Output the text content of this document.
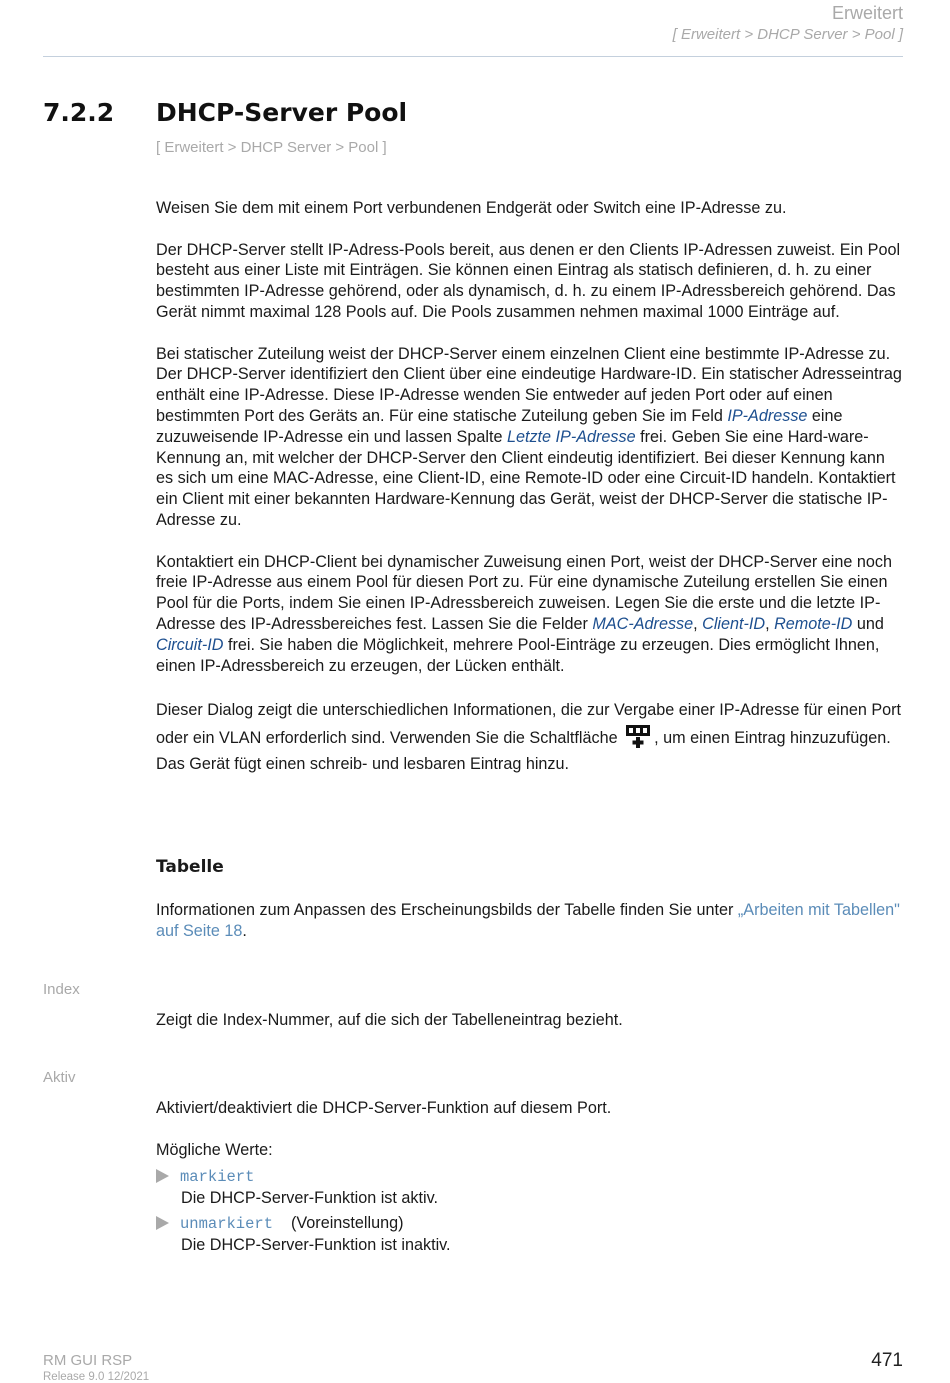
Erweitert
[ Erweitert > DHCP Server > Pool ]
7.2.2 DHCP-Server Pool
[ Erweitert > DHCP Server > Pool ]

Weisen Sie dem mit einem Port verbundenen Endgerät oder Switch eine IP-Adresse zu.

Der DHCP-Server stellt IP-Adress-Pools bereit, aus denen er den Clients IP-Adressen zuweist. Ein Pool besteht aus einer Liste mit Einträgen. Sie können einen Eintrag als statisch definieren, d. h. zu einer bestimmten IP-Adresse gehörend, oder als dynamisch, d. h. zu einem IP-Adressbereich gehörend. Das Gerät nimmt maximal 128 Pools auf. Die Pools zusammen nehmen maximal 1000 Einträge auf.

Bei statischer Zuteilung weist der DHCP-Server einem einzelnen Client eine bestimmte IP-Adresse zu. Der DHCP-Server identifiziert den Client über eine eindeutige Hardware-ID. Ein statischer Adresseintrag enthält eine IP-Adresse. Diese IP-Adresse wenden Sie entweder auf jeden Port oder auf einen bestimmten Port des Geräts an. Für eine statische Zuteilung geben Sie im Feld IP-Adresse eine zuzuweisende IP-Adresse ein und lassen Spalte Letzte IP-Adresse frei. Geben Sie eine Hard-ware-Kennung an, mit welcher der DHCP-Server den Client eindeutig identifiziert. Bei dieser Kennung kann es sich um eine MAC-Adresse, eine Client-ID, eine Remote-ID oder eine Circuit-ID handeln. Kontaktiert ein Client mit einer bekannten Hardware-Kennung das Gerät, weist der DHCP-Server die statische IP-Adresse zu.

Kontaktiert ein DHCP-Client bei dynamischer Zuweisung einen Port, weist der DHCP-Server eine noch freie IP-Adresse aus einem Pool für diesen Port zu. Für eine dynamische Zuteilung erstellen Sie einen Pool für die Ports, indem Sie einen IP-Adressbereich zuweisen. Legen Sie die erste und die letzte IP-Adresse des IP-Adressbereiches fest. Lassen Sie die Felder MAC-Adresse, Client-ID, Remote-ID und Circuit-ID frei. Sie haben die Möglichkeit, mehrere Pool-Einträge zu erzeugen. Dies ermöglicht Ihnen, einen IP-Adressbereich zu erzeugen, der Lücken enthält.

Dieser Dialog zeigt die unterschiedlichen Informationen, die zur Vergabe einer IP-Adresse für einen Port oder ein VLAN erforderlich sind. Verwenden Sie die Schaltfläche , um einen Eintrag hinzuzufügen. Das Gerät fügt einen schreib- und lesbaren Eintrag hinzu.

Tabelle
Informationen zum Anpassen des Erscheinungsbilds der Tabelle finden Sie unter „Arbeiten mit Tabellen" auf Seite 18.
Index
Zeigt die Index-Nummer, auf die sich der Tabelleneintrag bezieht.
Aktiv
Aktiviert/deaktiviert die DHCP-Server-Funktion auf diesem Port.
Mögliche Werte:
markiert
Die DHCP-Server-Funktion ist aktiv.
unmarkiert (Voreinstellung)
Die DHCP-Server-Funktion ist inaktiv.
RM GUI RSP
Release 9.0 12/2021
471
